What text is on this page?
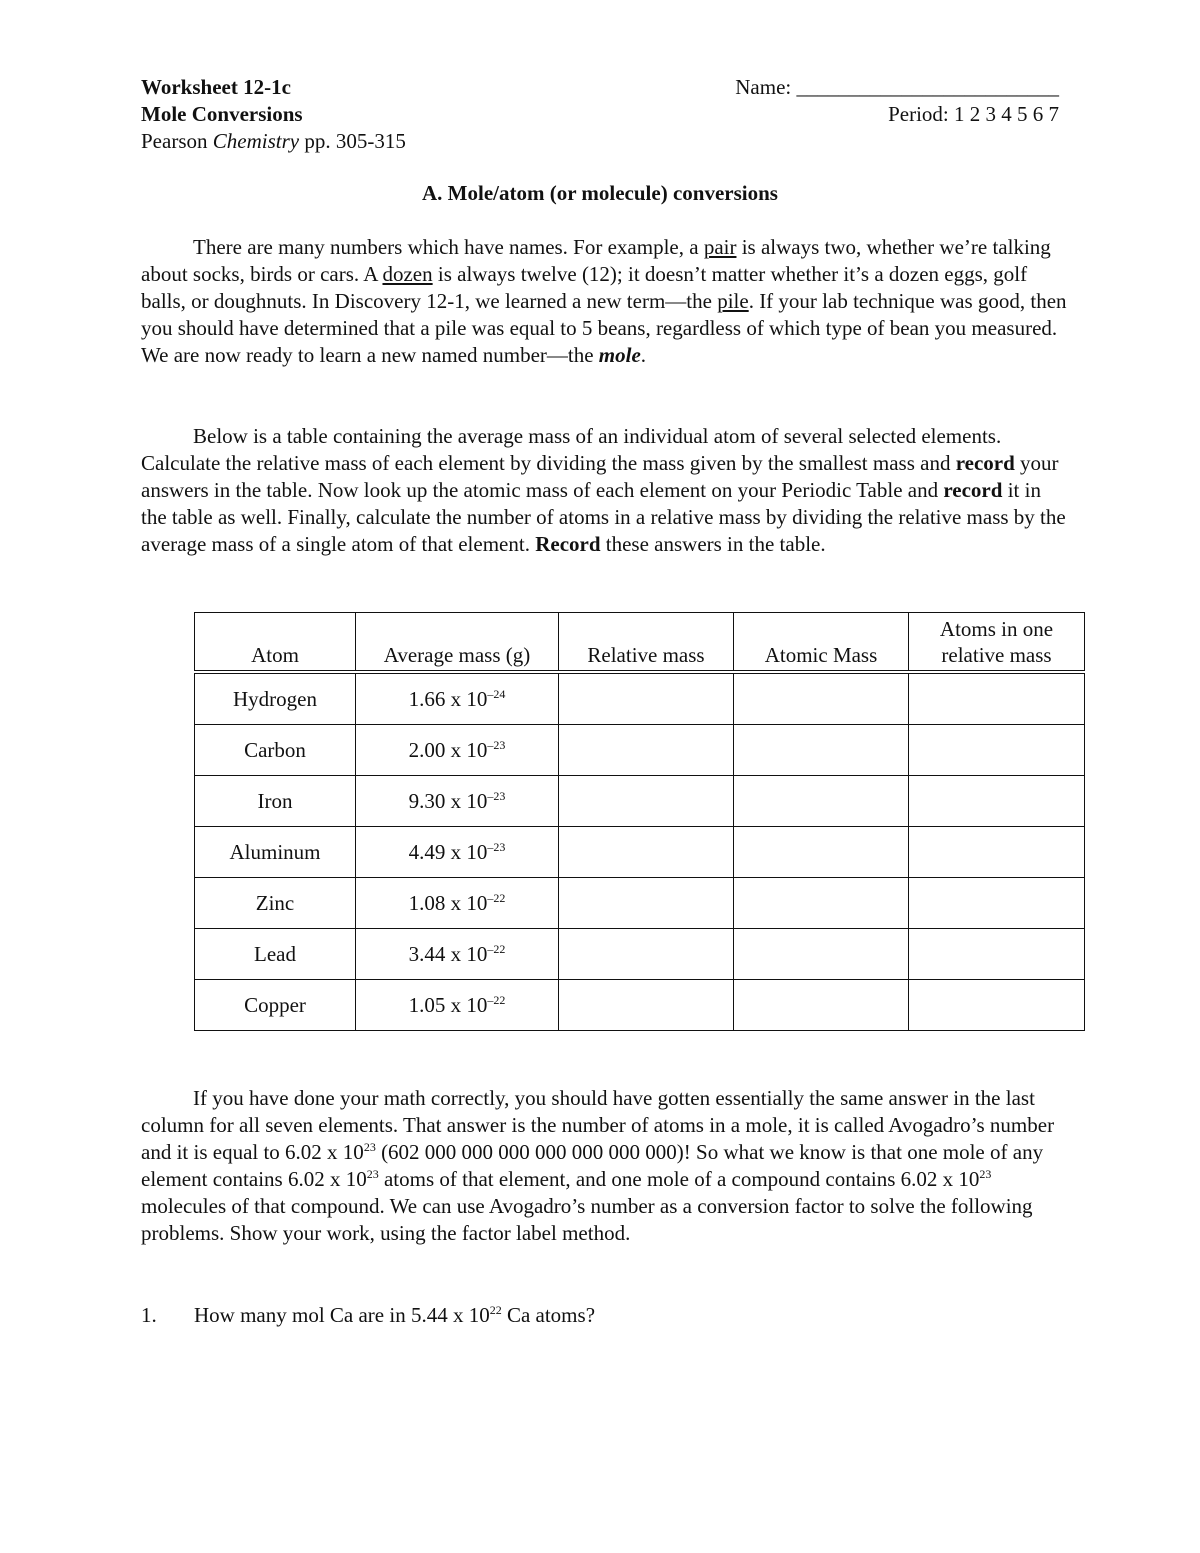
Worksheet 12-1c
Mole Conversions
Pearson Chemistry pp. 305-315
Name: _________________________
Period: 1 2 3 4 5 6 7
A. Mole/atom (or molecule) conversions
There are many numbers which have names. For example, a pair is always two, whether we’re talking about socks, birds or cars. A dozen is always twelve (12); it doesn’t matter whether it’s a dozen eggs, golf balls, or doughnuts. In Discovery 12-1, we learned a new term—the pile. If your lab technique was good, then you should have determined that a pile was equal to 5 beans, regardless of which type of bean you measured. We are now ready to learn a new named number—the mole.
Below is a table containing the average mass of an individual atom of several selected elements. Calculate the relative mass of each element by dividing the mass given by the smallest mass and record your answers in the table. Now look up the atomic mass of each element on your Periodic Table and record it in the table as well. Finally, calculate the number of atoms in a relative mass by dividing the relative mass by the average mass of a single atom of that element. Record these answers in the table.
Atom	Average mass (g)	Relative mass	Atomic Mass	Atoms in one relative mass
Hydrogen	1.66 x $10^{-24}$			
Carbon	2.00 x $10^{-23}$			
Iron	9.30 x $10^{-23}$			
Aluminum	4.49 x $10^{-23}$			
Zinc	1.08 x $10^{-22}$			
Lead	3.44 x $10^{-22}$			
Copper	1.05 x $10^{-22}$			
If you have done your math correctly, you should have gotten essentially the same answer in the last column for all seven elements. That answer is the number of atoms in a mole, it is called Avogadro’s number and it is equal to 6.02 x $10^{23}$ (602 000 000 000 000 000 000 000)! So what we know is that one mole of any element contains 6.02 x $10^{23}$ atoms of that element, and one mole of a compound contains 6.02 x $10^{23}$ molecules of that compound. We can use Avogadro’s number as a conversion factor to solve the following problems. Show your work, using the factor label method.
1. How many mol Ca are in 5.44 x $10^{22}$ Ca atoms?
